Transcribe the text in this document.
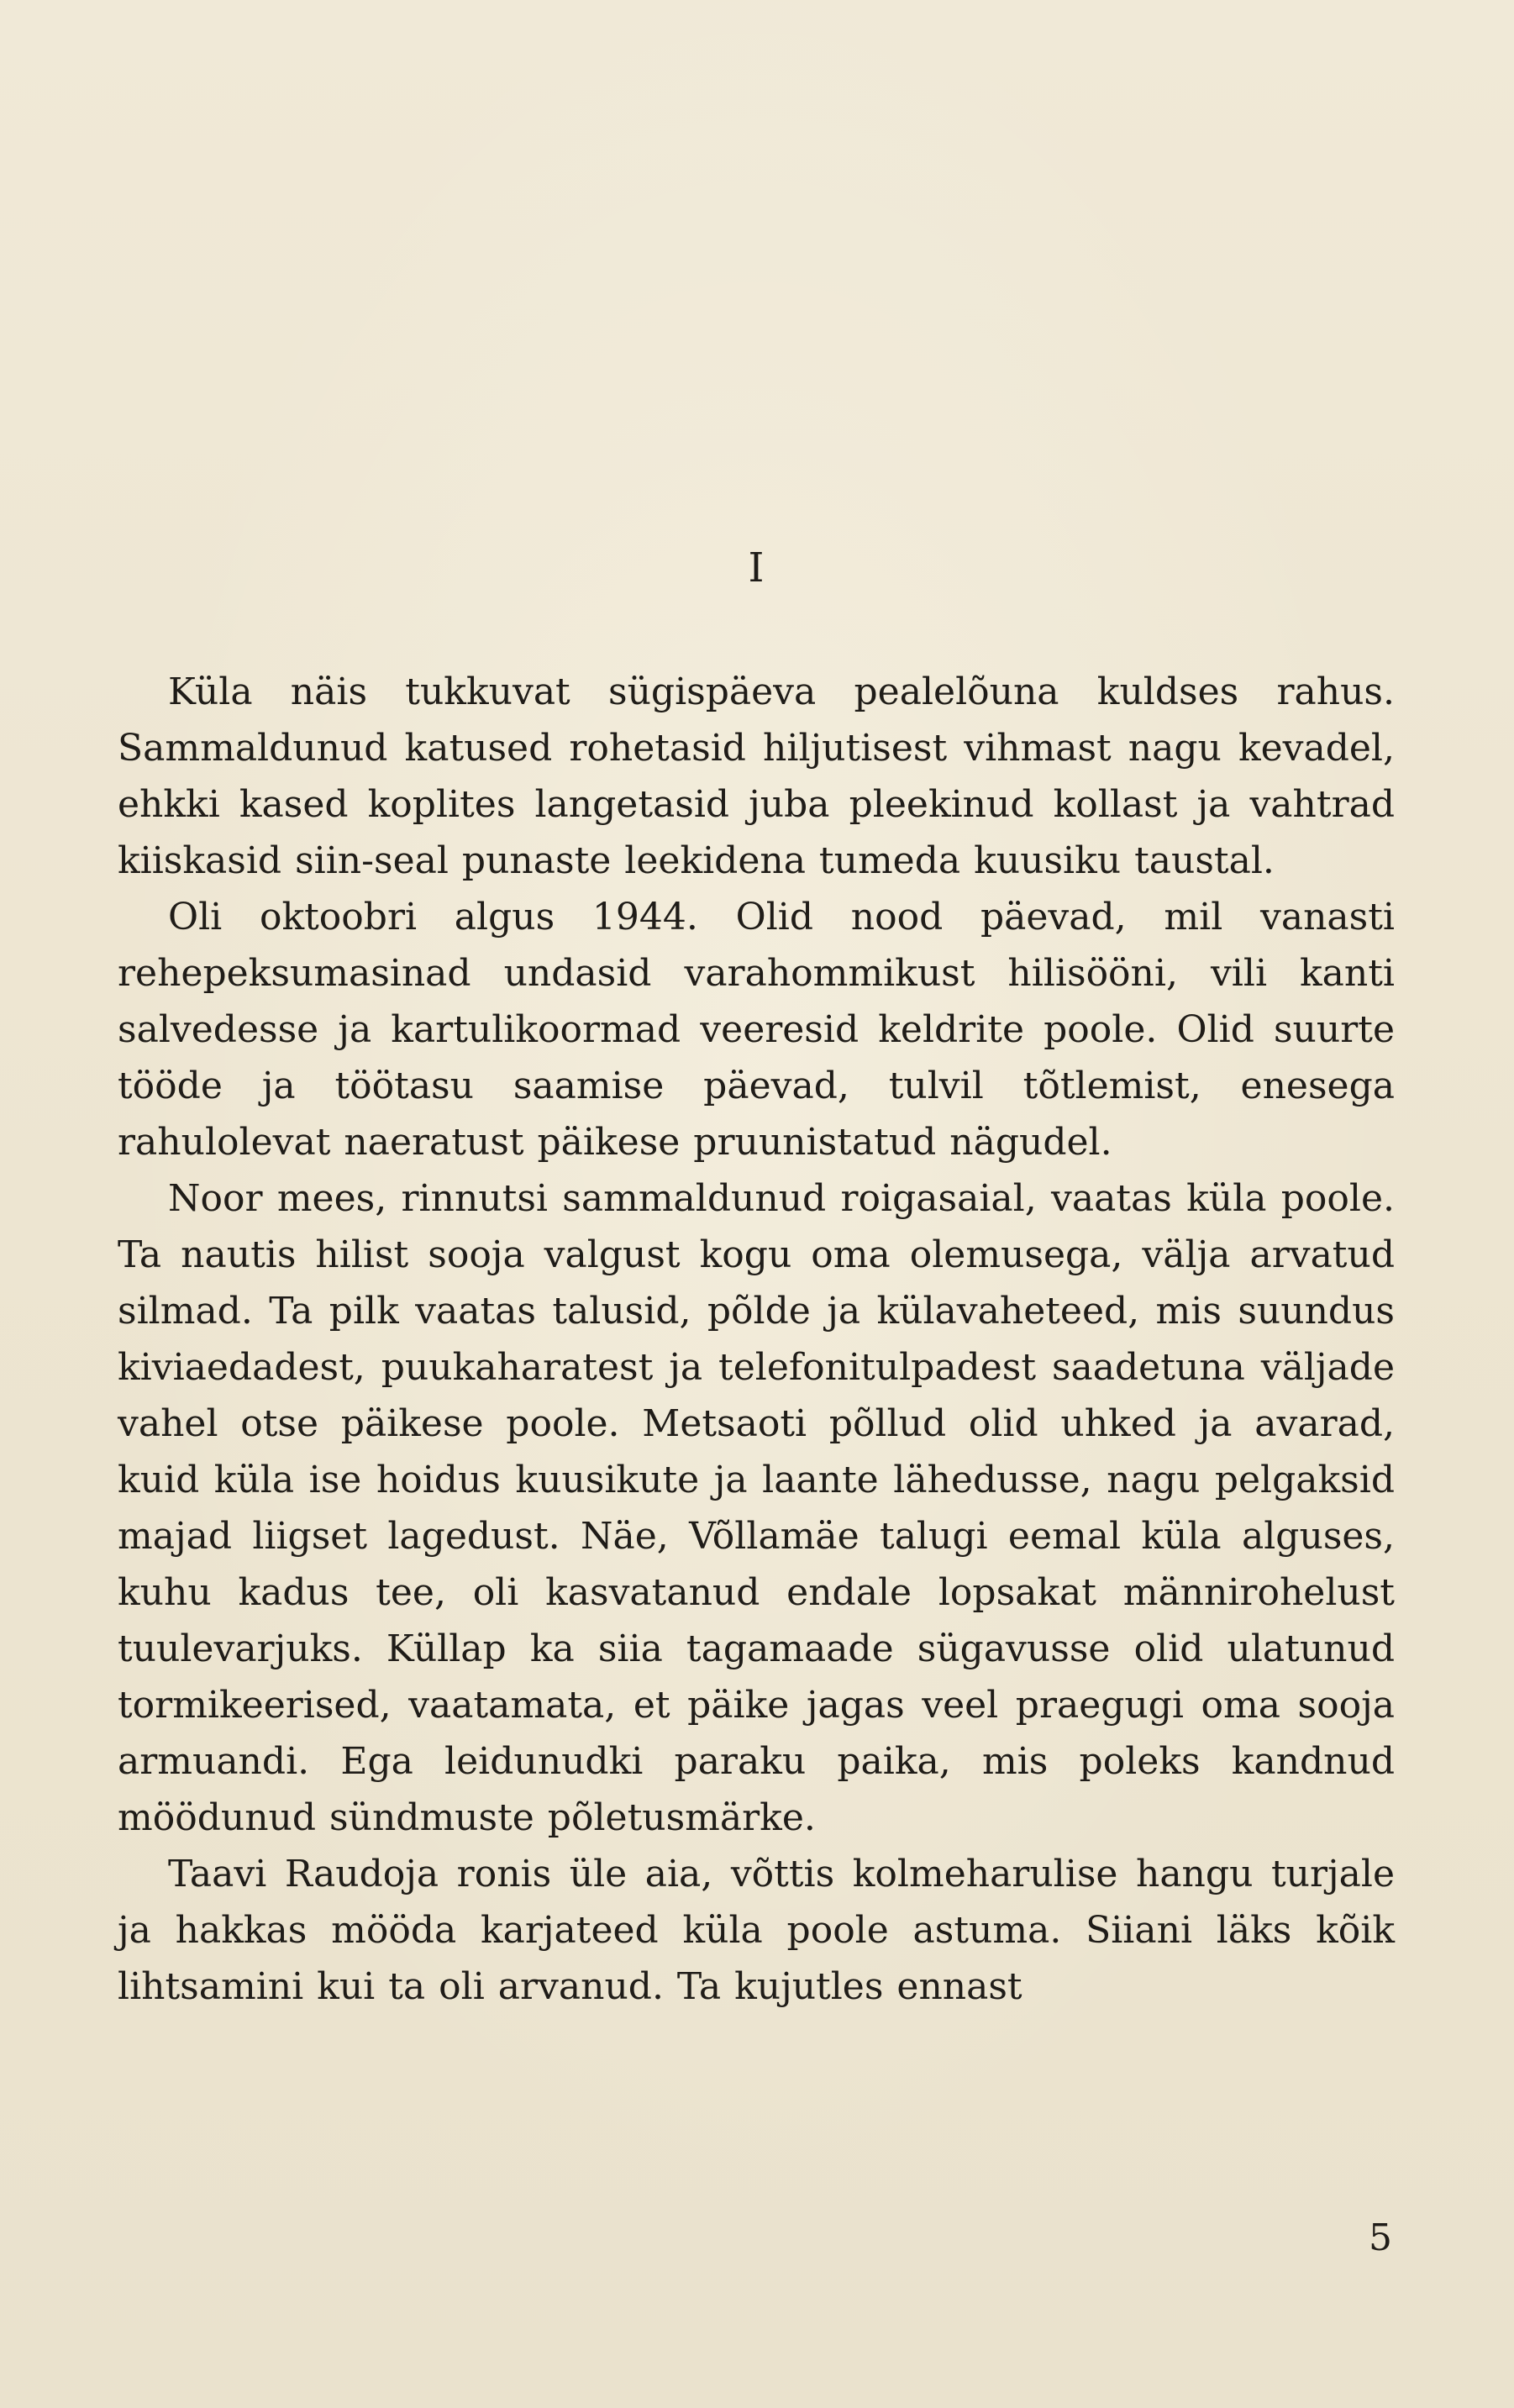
I

Küla näis tukkuvat sügispäeva pealelõuna kuldses rahus. Sammaldunud katused rohetasid hiljutisest vihmast nagu kevadel, ehkki kased koplites langetasid juba pleekinud kollast ja vahtrad kiiskasid siin-seal punaste leekidena tumeda kuusiku taustal.

Oli oktoobri algus 1944. Olid nood päevad, mil vanasti rehepeksumasinad undasid varahommikust hilisööni, vili kanti salvedesse ja kartulikoormad veeresid keldrite poole. Olid suurte tööde ja töötasu saamise päevad, tulvil tõtlemist, enesega rahulolevat naeratust päikese pruunistatud nägudel.

Noor mees, rinnutsi sammaldunud roigasaial, vaatas küla poole. Ta nautis hilist sooja valgust kogu oma olemusega, välja arvatud silmad. Ta pilk vaatas talusid, põlde ja külavaheteed, mis suundus kiviaedadest, puukaharatest ja telefonitulpadest saadetuna väljade vahel otse päikese poole. Metsaoti põllud olid uhked ja avarad, kuid küla ise hoidus kuusikute ja laante lähedusse, nagu pelgaksid majad liigset lagedust. Näe, Võllamäe talugi eemal küla alguses, kuhu kadus tee, oli kasvatanud endale lopsakat männirohelust tuulevarjuks. Küllap ka siia tagamaade sügavusse olid ulatunud tormikeerised, vaatamata, et päike jagas veel praegugi oma sooja armuandi. Ega leidunudki paraku paika, mis poleks kandnud möödunud sündmuste põletusmärke.

Taavi Raudoja ronis üle aia, võttis kolmeharulise hangu turjale ja hakkas mööda karjateed küla poole astuma. Siiani läks kõik lihtsamini kui ta oli arvanud. Ta kujutles ennast

5
